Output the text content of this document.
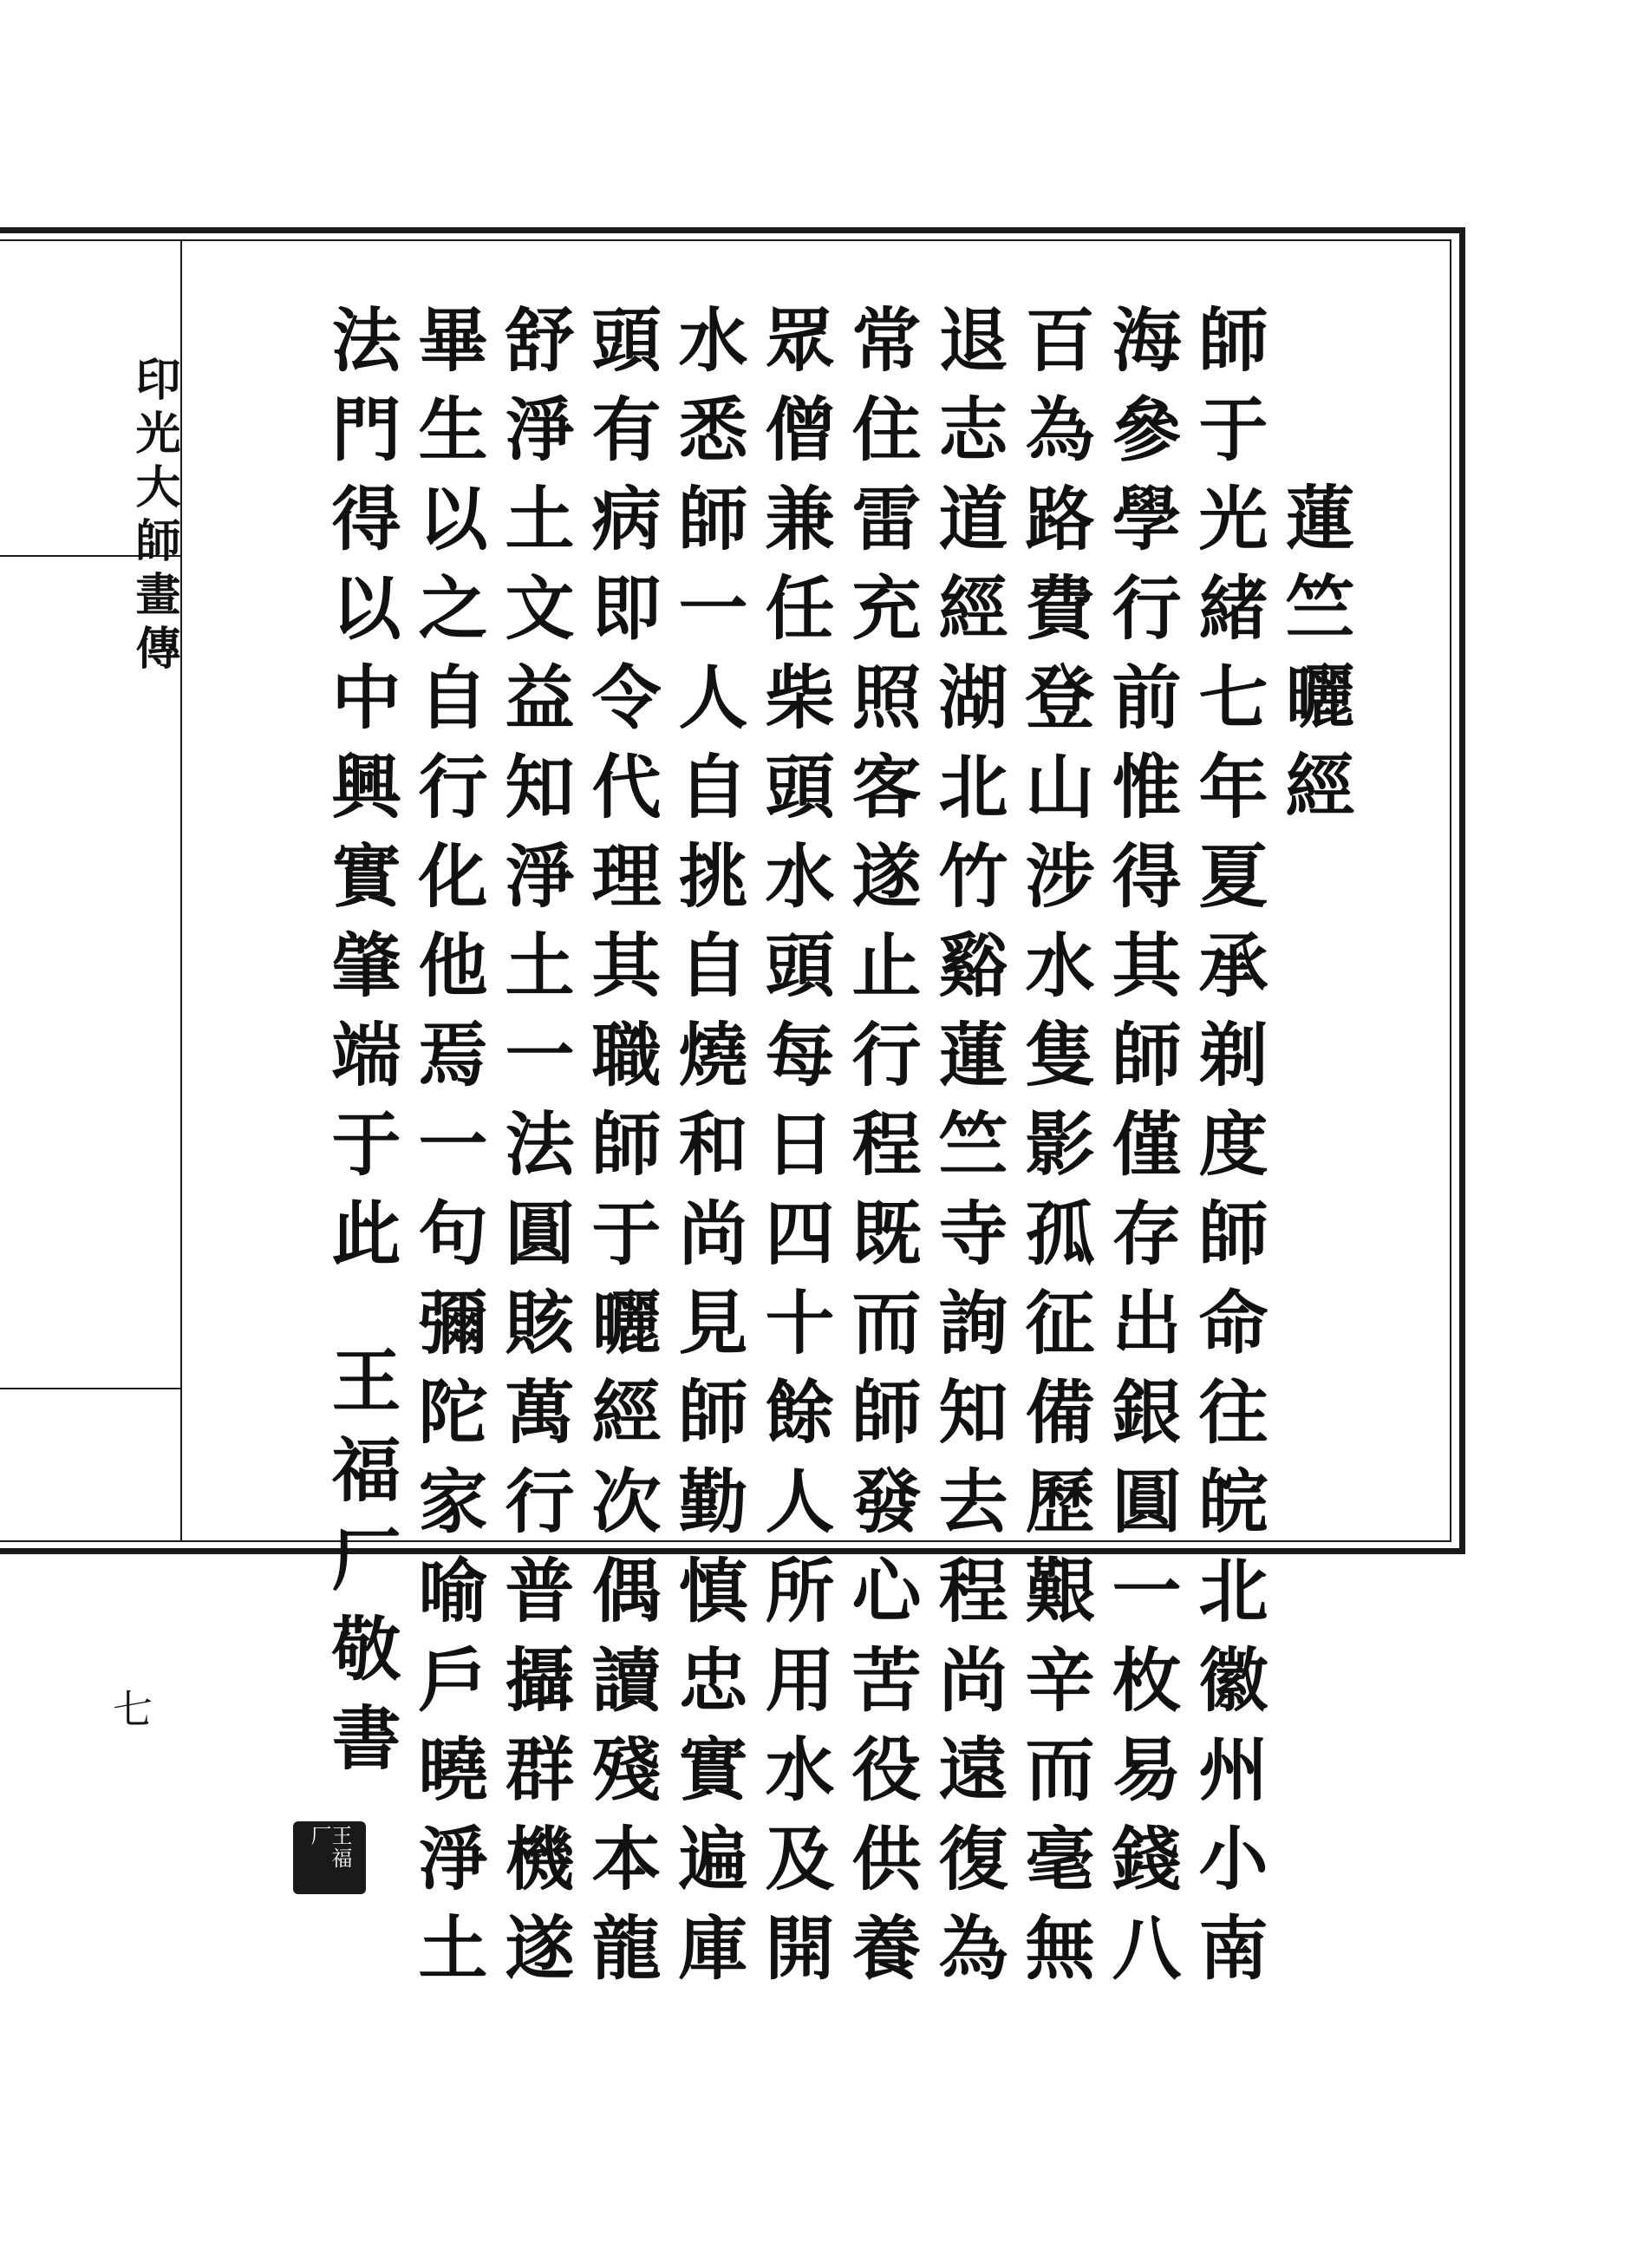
印光大師畫傳
七
蓮竺曬經
師于光緒七年夏承剃度師命往皖北徽州小南
海參學行前惟得其師僅存出銀圓一枚易錢八
百為路費登山涉水隻影孤征備歷艱辛而毫無
退志道經湖北竹谿蓮竺寺詢知去程尚遠復為
常住雷充照客遂止行程既而師發心苦役供養
眾僧兼任柴頭水頭每日四十餘人所用水及開
水悉師一人自挑自燒和尚見師勤慎忠實遍庫
頭有病即令代理其職師于曬經次偶讀殘本龍
舒淨土文益知淨土一法圓賅萬行普攝群機遂
畢生以之自行化他焉一句彌陀家喻戶曉淨土
法門得以中興實肇端于此
王福厂敬書
王福厂
